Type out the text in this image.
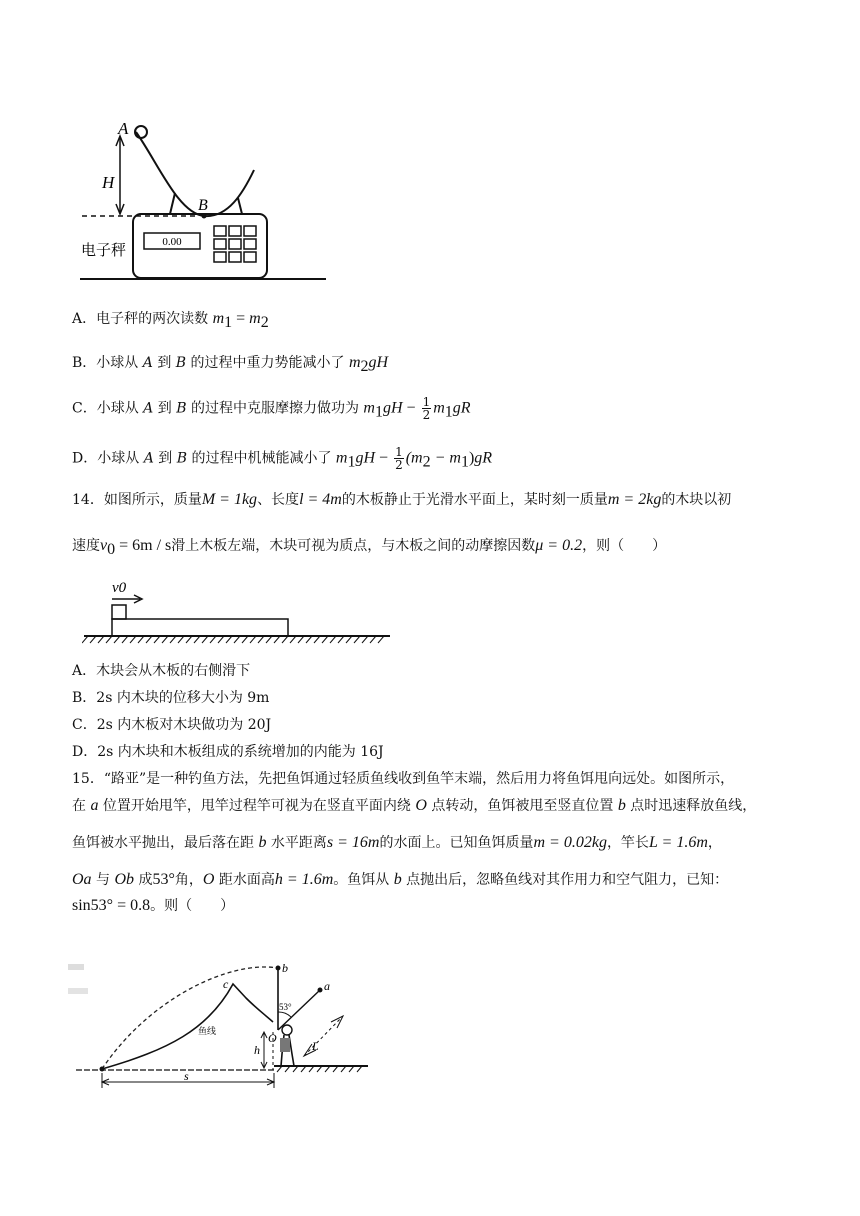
0.00
A
H
B
电子秤
A．电子秤的两次读数 $m_1 = m_2$
B．小球从 A 到 B 的过程中重力势能减小了 $m_2gH$
C．小球从 A 到 B 的过程中克服摩擦力做功为 $m_1gH - \frac{1}{2} m_1gR$
D．小球从 A 到 B 的过程中机械能减小了 $m_1gH - \frac{1}{2} (m_2 - m_1)gR$
14．如图所示，质量M = 1kg、长度l = 4m的木板静止于光滑水平面上，某时刻一质量m = 2kg的木块以初
速度$v_0 = 6m / s$滑上木板左端，木块可视为质点，与木板之间的动摩擦因数μ = 0.2，则（　　）
v0
A．木块会从木板的右侧滑下
B．2s 内木块的位移大小为 9m
C．2s 内木板对木块做功为 20J
D．2s 内木块和木板组成的系统增加的内能为 16J
15．“路亚”是一种钓鱼方法，先把鱼饵通过轻质鱼线收到鱼竿末端，然后用力将鱼饵甩向远处。如图所示，
在 a 位置开始甩竿，甩竿过程竿可视为在竖直平面内绕 O 点转动，鱼饵被甩至竖直位置 b 点时迅速释放鱼线，
鱼饵被水平抛出，最后落在距 b 水平距离s = 16m的水面上。已知鱼饵质量m = 0.02kg，竿长L = 1.6m，
Oa 与 Ob 成53°角，O 距水面高h = 1.6m。鱼饵从 b 点抛出后，忽略鱼线对其作用力和空气阻力，已知：
sin53° = 0.8。则（　　）
b
c	a
53°
O
h	L
鱼线
s
